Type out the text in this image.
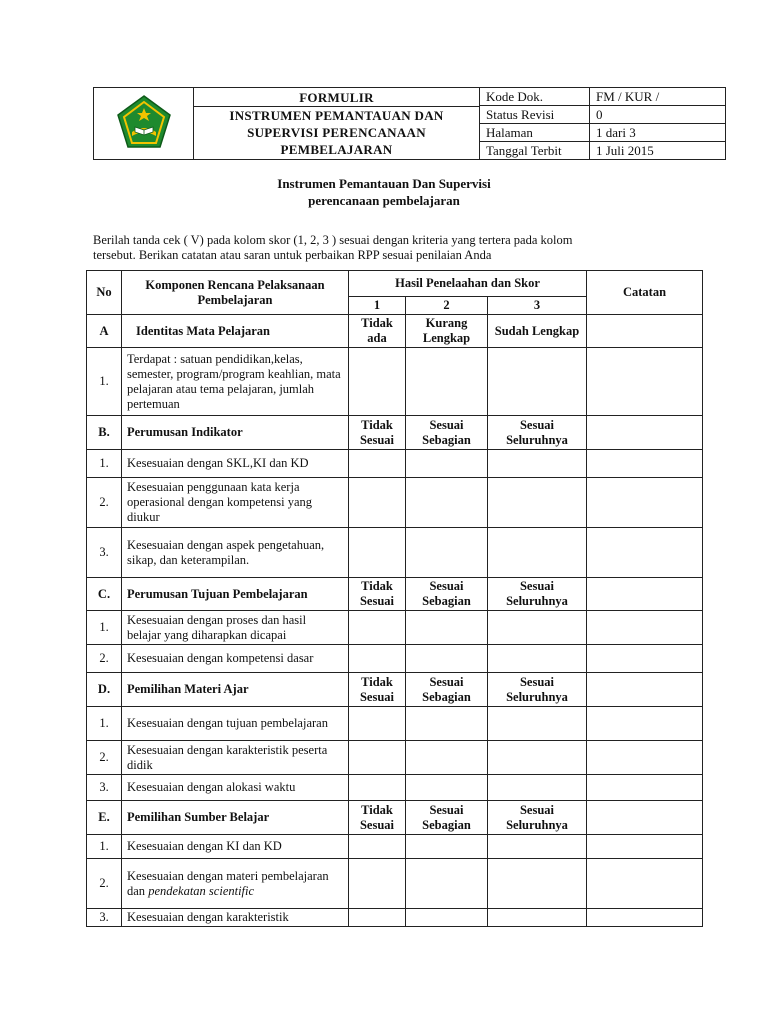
FORMULIR
INSTRUMEN PEMANTAUAN DAN
SUPERVISI PERENCANAAN
PEMBELAJARAN	Kode Dok.	FM / KUR /
		Status Revisi	0
		Halaman	1 dari 3
		Tanggal Terbit	1 Juli 2015
Instrumen Pemantauan Dan Supervisi
perencanaan pembelajaran
Berilah tanda cek ( V) pada kolom skor (1, 2, 3 ) sesuai dengan kriteria yang tertera pada kolom
tersebut. Berikan catatan atau saran untuk perbaikan RPP sesuai penilaian Anda
No	Komponen Rencana Pelaksanaan Pembelajaran	Hasil Penelaahan dan Skor			Catatan
		1	2	3	
A	Identitas Mata Pelajaran	Tidak ada	Kurang Lengkap	Sudah Lengkap	
1.	Terdapat : satuan pendidikan,kelas, semester, program/program keahlian, mata pelajaran atau tema pelajaran, jumlah pertemuan				
B.	Perumusan Indikator	Tidak Sesuai	Sesuai Sebagian	Sesuai Seluruhnya	
1.	Kesesuaian dengan SKL,KI dan KD				
2.	Kesesuaian penggunaan kata kerja operasional dengan kompetensi yang diukur				
3.	Kesesuaian dengan aspek pengetahuan, sikap, dan keterampilan.				
C.	Perumusan Tujuan Pembelajaran	Tidak Sesuai	Sesuai Sebagian	Sesuai Seluruhnya	
1.	Kesesuaian dengan proses dan hasil belajar yang diharapkan dicapai				
2.	Kesesuaian dengan kompetensi dasar				
D.	Pemilihan Materi Ajar	Tidak Sesuai	Sesuai Sebagian	Sesuai Seluruhnya	
1.	Kesesuaian dengan tujuan pembelajaran				
2.	Kesesuaian dengan karakteristik peserta didik				
3.	Kesesuaian dengan alokasi waktu				
E.	Pemilihan Sumber Belajar	Tidak Sesuai	Sesuai Sebagian	Sesuai Seluruhnya	
1.	Kesesuaian dengan KI dan KD				
2.	Kesesuaian dengan materi pembelajaran dan pendekatan scientific				
3.	Kesesuaian dengan karakteristik				
